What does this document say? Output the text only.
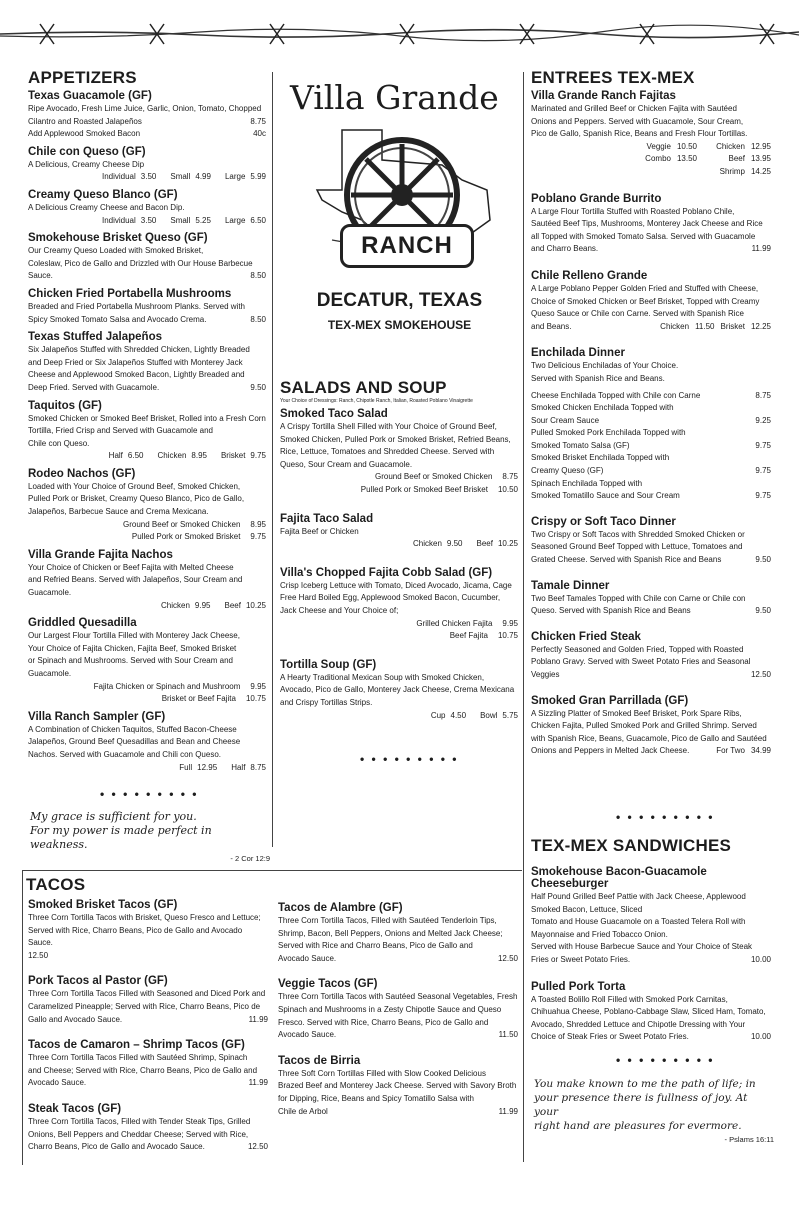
APPETIZERS
Texas Guacamole (GF)
Ripe Avocado, Fresh Lime Juice, Garlic, Onion, Tomato, Chopped
Cilantro and Roasted Jalapeños	8.75
Add Applewood Smoked Bacon	40c
Chile con Queso (GF)
A Delicious, Creamy Cheese Dip
Individual 3.50 Small 4.99 Large 5.99
Creamy Queso Blanco (GF)
A Delicious Creamy Cheese and Bacon Dip.
Individual 3.50 Small 5.25 Large 6.50
Smokehouse Brisket Queso (GF)
Our Creamy Queso Loaded with Smoked Brisket,
Coleslaw, Pico de Gallo and Drizzled with Our House Barbecue
Sauce.	8.50
Chicken Fried Portabella Mushrooms
Breaded and Fried Portabella Mushroom Planks. Served with
Spicy Smoked Tomato Salsa and Avocado Crema.	8.50
Texas Stuffed Jalapeños
Six Jalapeños Stuffed with Shredded Chicken, Lightly Breaded
and Deep Fried or Six Jalapeños Stuffed with Monterey Jack
Cheese and Applewood Smoked Bacon, Lightly Breaded and
Deep Fried. Served with Guacamole.	9.50
Taquitos (GF)
Smoked Chicken or Smoked Beef Brisket, Rolled into a Fresh Corn
Tortilla, Fried Crisp and Served with Guacamole and
Chile con Queso.
Half 6.50 Chicken 8.95 Brisket 9.75
Rodeo Nachos (GF)
Loaded with Your Choice of Ground Beef, Smoked Chicken,
Pulled Pork or Brisket, Creamy Queso Blanco, Pico de Gallo,
Jalapeños, Barbecue Sauce and Crema Mexicana.
Ground Beef or Smoked Chicken 8.95
Pulled Pork or Smoked Brisket 9.75
Villa Grande Fajita Nachos
Your Choice of Chicken or Beef Fajita with Melted Cheese
and Refried Beans. Served with Jalapeños, Sour Cream and
Guacamole.
Chicken 9.95 Beef 10.25
Griddled Quesadilla
Our Largest Flour Tortilla Filled with Monterey Jack Cheese,
Your Choice of Fajita Chicken, Fajita Beef, Smoked Brisket
or Spinach and Mushrooms. Served with Sour Cream and
Guacamole.
Fajita Chicken or Spinach and Mushroom 9.95
Brisket or Beef Fajita 10.75
Villa Ranch Sampler (GF)
A Combination of Chicken Taquitos, Stuffed Bacon-Cheese
Jalapeños, Ground Beef Quesadillas and Bean and Cheese
Nachos. Served with Guacamole and Chili con Queso.
Full 12.95 Half 8.75
• • • • • • • • •
My grace is sufficient for you.
For my power is made perfect in weakness.
- 2 Cor 12:9
Villa Grande
RANCH
DECATUR, TEXAS
TEX-MEX SMOKEHOUSE
SALADS AND SOUP
Your Choice of Dressings: Ranch, Chipotle Ranch, Italian, Roasted Poblano Vinaigrette
Smoked Taco Salad
A Crispy Tortilla Shell Filled with Your Choice of Ground Beef,
Smoked Chicken, Pulled Pork or Smoked Brisket, Refried Beans,
Rice, Lettuce, Tomatoes and Shredded Cheese. Served with
Queso, Sour Cream and Guacamole.
Ground Beef or Smoked Chicken 8.75
Pulled Pork or Smoked Beef Brisket 10.50
Fajita Taco Salad
Fajita Beef or Chicken
Chicken 9.50 Beef 10.25
Villa's Chopped Fajita Cobb Salad (GF)
Crisp Iceberg Lettuce with Tomato, Diced Avocado, Jicama, Cage
Free Hard Boiled Egg, Applewood Smoked Bacon, Cucumber,
Jack Cheese and Your Choice of;
Grilled Chicken Fajita 9.95
Beef Fajita 10.75
Tortilla Soup (GF)
A Hearty Traditional Mexican Soup with Smoked Chicken,
Avocado, Pico de Gallo, Monterey Jack Cheese, Crema Mexicana
and Crispy Tortillas Strips.
Cup 4.50 Bowl 5.75
• • • • • • • • •
ENTREES TEX-MEX
Villa Grande Ranch Fajitas
Marinated and Grilled Beef or Chicken Fajita with Sautéed
Onions and Peppers. Served with Guacamole, Sour Cream,
Pico de Gallo, Spanish Rice, Beans and Fresh Flour Tortillas.
Veggie 10.50 Chicken 12.95
Combo 13.50	Beef 13.95
Shrimp 14.25
Poblano Grande Burrito
A Large Flour Tortilla Stuffed with Roasted Poblano Chile,
Sautéed Beef Tips, Mushrooms, Monterey Jack Cheese and Rice
all Topped with Smoked Tomato Salsa. Served with Guacamole
and Charro Beans.	11.99
Chile Relleno Grande
A Large Poblano Pepper Golden Fried and Stuffed with Cheese,
Choice of Smoked Chicken or Beef Brisket, Topped with Creamy
Queso Sauce or Chile con Carne. Served with Spanish Rice
and Beans.	Chicken 11.50 Brisket 12.25
Enchilada Dinner
Two Delicious Enchiladas of Your Choice.
Served with Spanish Rice and Beans.
Cheese Enchilada Topped with Chile con Carne	8.75
Smoked Chicken Enchilada Topped with
Sour Cream Sauce	9.25
Pulled Smoked Pork Enchilada Topped with
Smoked Tomato Salsa (GF)	9.75
Smoked Brisket Enchilada Topped with
Creamy Queso (GF)	9.75
Spinach Enchilada Topped with
Smoked Tomatillo Sauce and Sour Cream	9.75
Crispy or Soft Taco Dinner
Two Crispy or Soft Tacos with Shredded Smoked Chicken or
Seasoned Ground Beef Topped with Lettuce, Tomatoes and
Grated Cheese. Served with Spanish Rice and Beans	9.50
Tamale Dinner
Two Beef Tamales Topped with Chile con Carne or Chile con
Queso. Served with Spanish Rice and Beans	9.50
Chicken Fried Steak
Perfectly Seasoned and Golden Fried, Topped with Roasted
Poblano Gravy. Served with Sweet Potato Fries and Seasonal
Veggies	12.50
Smoked Gran Parrillada (GF)
A Sizzling Platter of Smoked Beef Brisket, Pork Spare Ribs,
Chicken Fajita, Pulled Smoked Pork and Grilled Shrimp. Served
with Spanish Rice, Beans, Guacamole, Pico de Gallo and Sautéed
Onions and Peppers in Melted Jack Cheese.	For Two 34.99
• • • • • • • • •
TEX-MEX SANDWICHES
Smokehouse Bacon-Guacamole Cheeseburger
Half Pound Grilled Beef Pattie with Jack Cheese, Applewood
Smoked Bacon, Lettuce, Sliced
Tomato and House Guacamole on a Toasted Telera Roll with
Mayonnaise and Fried Tobacco Onion.
Served with House Barbecue Sauce and Your Choice of Steak
Fries or Sweet Potato Fries.	10.00
Pulled Pork Torta
A Toasted Bolillo Roll Filled with Smoked Pork Carnitas,
Chihuahua Cheese, Poblano-Cabbage Slaw, Sliced Ham, Tomato,
Avocado, Shredded Lettuce and Chipotle Dressing with Your
Choice of Steak Fries or Sweet Potato Fries.	10.00
• • • • • • • • •
You make known to me the path of life; in
your presence there is fullness of joy. At your
right hand are pleasures for evermore.
- Pslams 16:11
TACOS
Smoked Brisket Tacos (GF)
Three Corn Tortilla Tacos with Brisket, Queso Fresco and Lettuce;
Served with Rice, Charro Beans, Pico de Gallo and Avocado Sauce.
12.50
Pork Tacos al Pastor (GF)
Three Corn Tortilla Tacos Filled with Seasoned and Diced Pork and
Caramelized Pineapple; Served with Rice, Charro Beans, Pico de
Gallo and Avocado Sauce.	11.99
Tacos de Camaron – Shrimp Tacos (GF)
Three Corn Tortilla Tacos Filled with Sautéed Shrimp, Spinach
and Cheese; Served with Rice, Charro Beans, Pico de Gallo and
Avocado Sauce.	11.99
Steak Tacos (GF)
Three Corn Tortilla Tacos, Filled with Tender Steak Tips, Grilled
Onions, Bell Peppers and Cheddar Cheese; Served with Rice,
Charro Beans, Pico de Gallo and Avocado Sauce.	12.50
Tacos de Alambre (GF)
Three Corn Tortilla Tacos, Filled with Sautéed Tenderloin Tips,
Shrimp, Bacon, Bell Peppers, Onions and Melted Jack Cheese;
Served with Rice and Charro Beans, Pico de Gallo and
Avocado Sauce.	12.50
Veggie Tacos (GF)
Three Corn Tortilla Tacos with Sautéed Seasonal Vegetables, Fresh
Spinach and Mushrooms in a Zesty Chipotle Sauce and Queso
Fresco. Served with Rice, Charro Beans, Pico de Gallo and
Avocado Sauce.	11.50
Tacos de Birria
Three Soft Corn Tortillas Filled with Slow Cooked Delicious
Brazed Beef and Monterey Jack Cheese. Served with Savory Broth
for Dipping, Rice, Beans and Spicy Tomatillo Salsa with
Chile de Arbol	11.99
